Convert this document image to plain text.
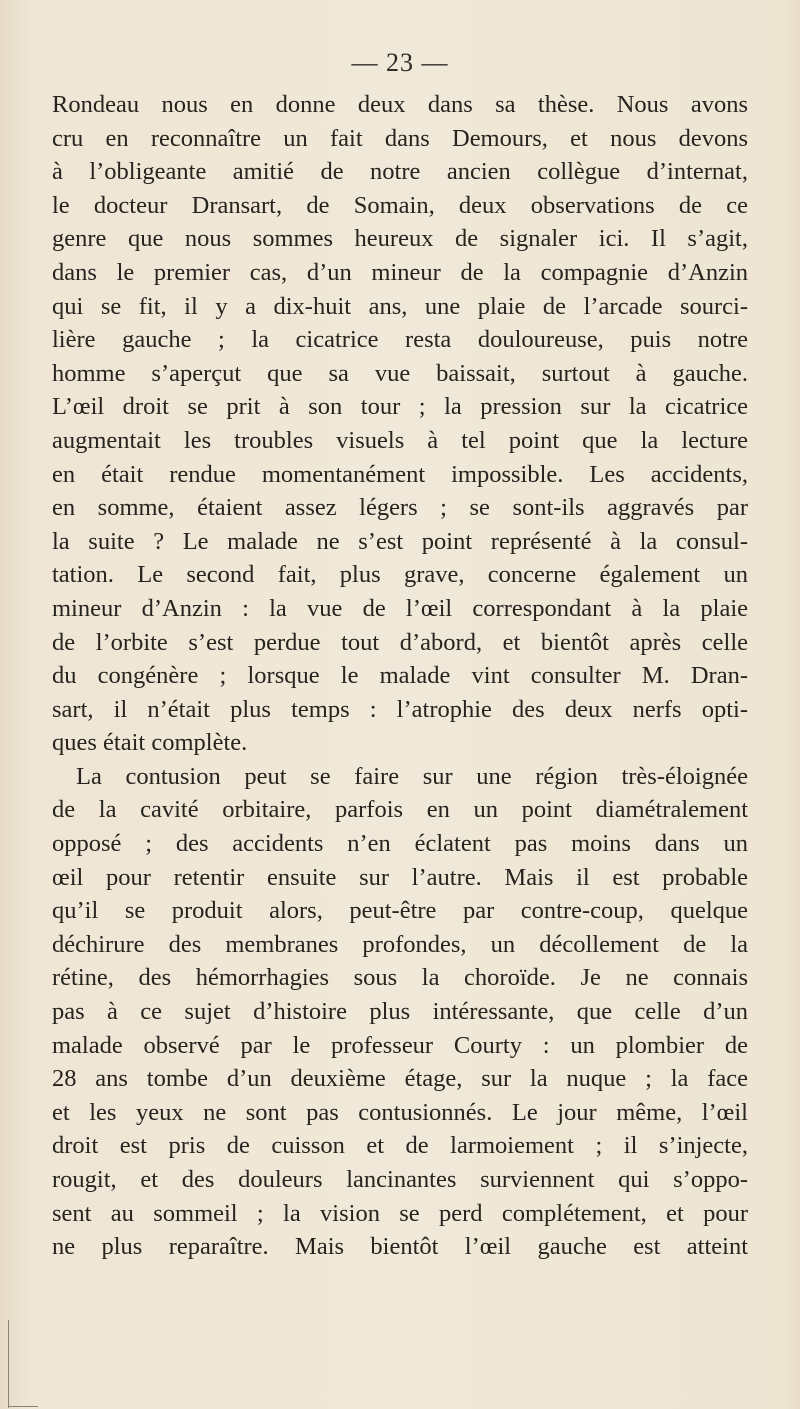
— 23 —
Rondeau nous en donne deux dans sa thèse. Nous avons
cru en reconnaître un fait dans Demours, et nous devons
à l’obligeante amitié de notre ancien collègue d’internat,
le docteur Dransart, de Somain, deux observations de ce
genre que nous sommes heureux de signaler ici. Il s’agit,
dans le premier cas, d’un mineur de la compagnie d’Anzin
qui se fit, il y a dix-huit ans, une plaie de l’arcade sourci-
lière gauche ; la cicatrice resta douloureuse, puis notre
homme s’aperçut que sa vue baissait, surtout à gauche.
L’œil droit se prit à son tour ; la pression sur la cicatrice
augmentait les troubles visuels à tel point que la lecture
en était rendue momentanément impossible. Les accidents,
en somme, étaient assez légers ; se sont-ils aggravés par
la suite ? Le malade ne s’est point représenté à la consul-
tation. Le second fait, plus grave, concerne également un
mineur d’Anzin : la vue de l’œil correspondant à la plaie
de l’orbite s’est perdue tout d’abord, et bientôt après celle
du congénère ; lorsque le malade vint consulter M. Dran-
sart, il n’était plus temps : l’atrophie des deux nerfs opti-
ques était complète.
La contusion peut se faire sur une région très-éloignée
de la cavité orbitaire, parfois en un point diamétralement
opposé ; des accidents n’en éclatent pas moins dans un
œil pour retentir ensuite sur l’autre. Mais il est probable
qu’il se produit alors, peut-être par contre-coup, quelque
déchirure des membranes profondes, un décollement de la
rétine, des hémorrhagies sous la choroïde. Je ne connais
pas à ce sujet d’histoire plus intéressante, que celle d’un
malade observé par le professeur Courty : un plombier de
28 ans tombe d’un deuxième étage, sur la nuque ; la face
et les yeux ne sont pas contusionnés. Le jour même, l’œil
droit est pris de cuisson et de larmoiement ; il s’injecte,
rougit, et des douleurs lancinantes surviennent qui s’oppo-
sent au sommeil ; la vision se perd complétement, et pour
ne plus reparaître. Mais bientôt l’œil gauche est atteint
